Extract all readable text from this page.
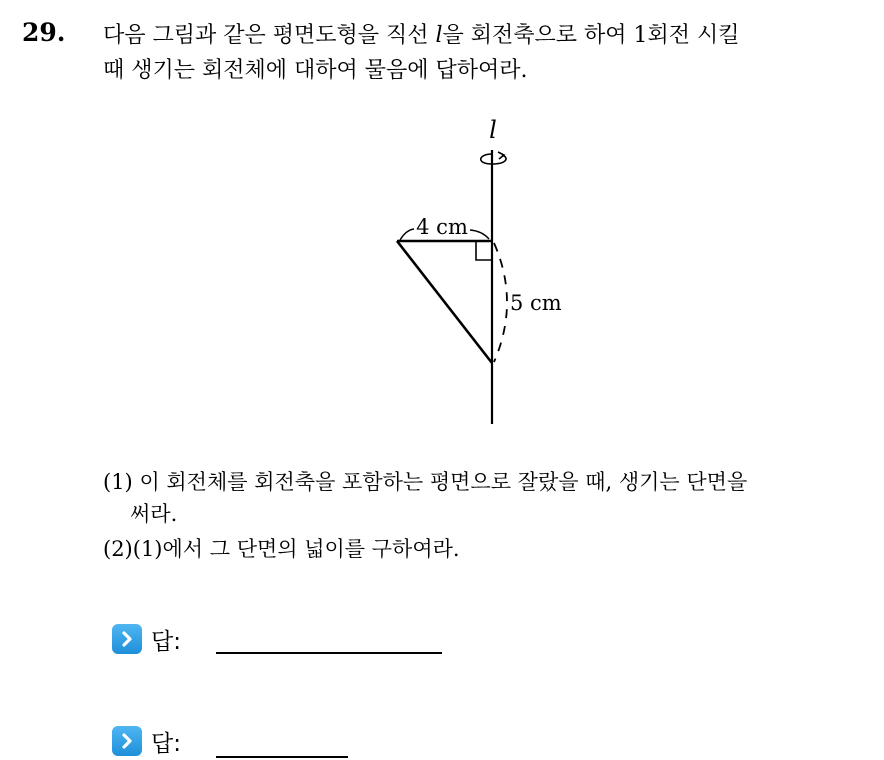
29. 다음 그림과 같은 평면도형을 직선 l을 회전축으로 하여 1회전 시킬
때 생기는 회전체에 대하여 물음에 답하여라.
l
4 cm
5 cm
(1) 이 회전체를 회전축을 포함하는 평면으로 잘랐을 때, 생기는 단면을
써라.
(2)(1)에서 그 단면의 넓이를 구하여라.
답:
답:
